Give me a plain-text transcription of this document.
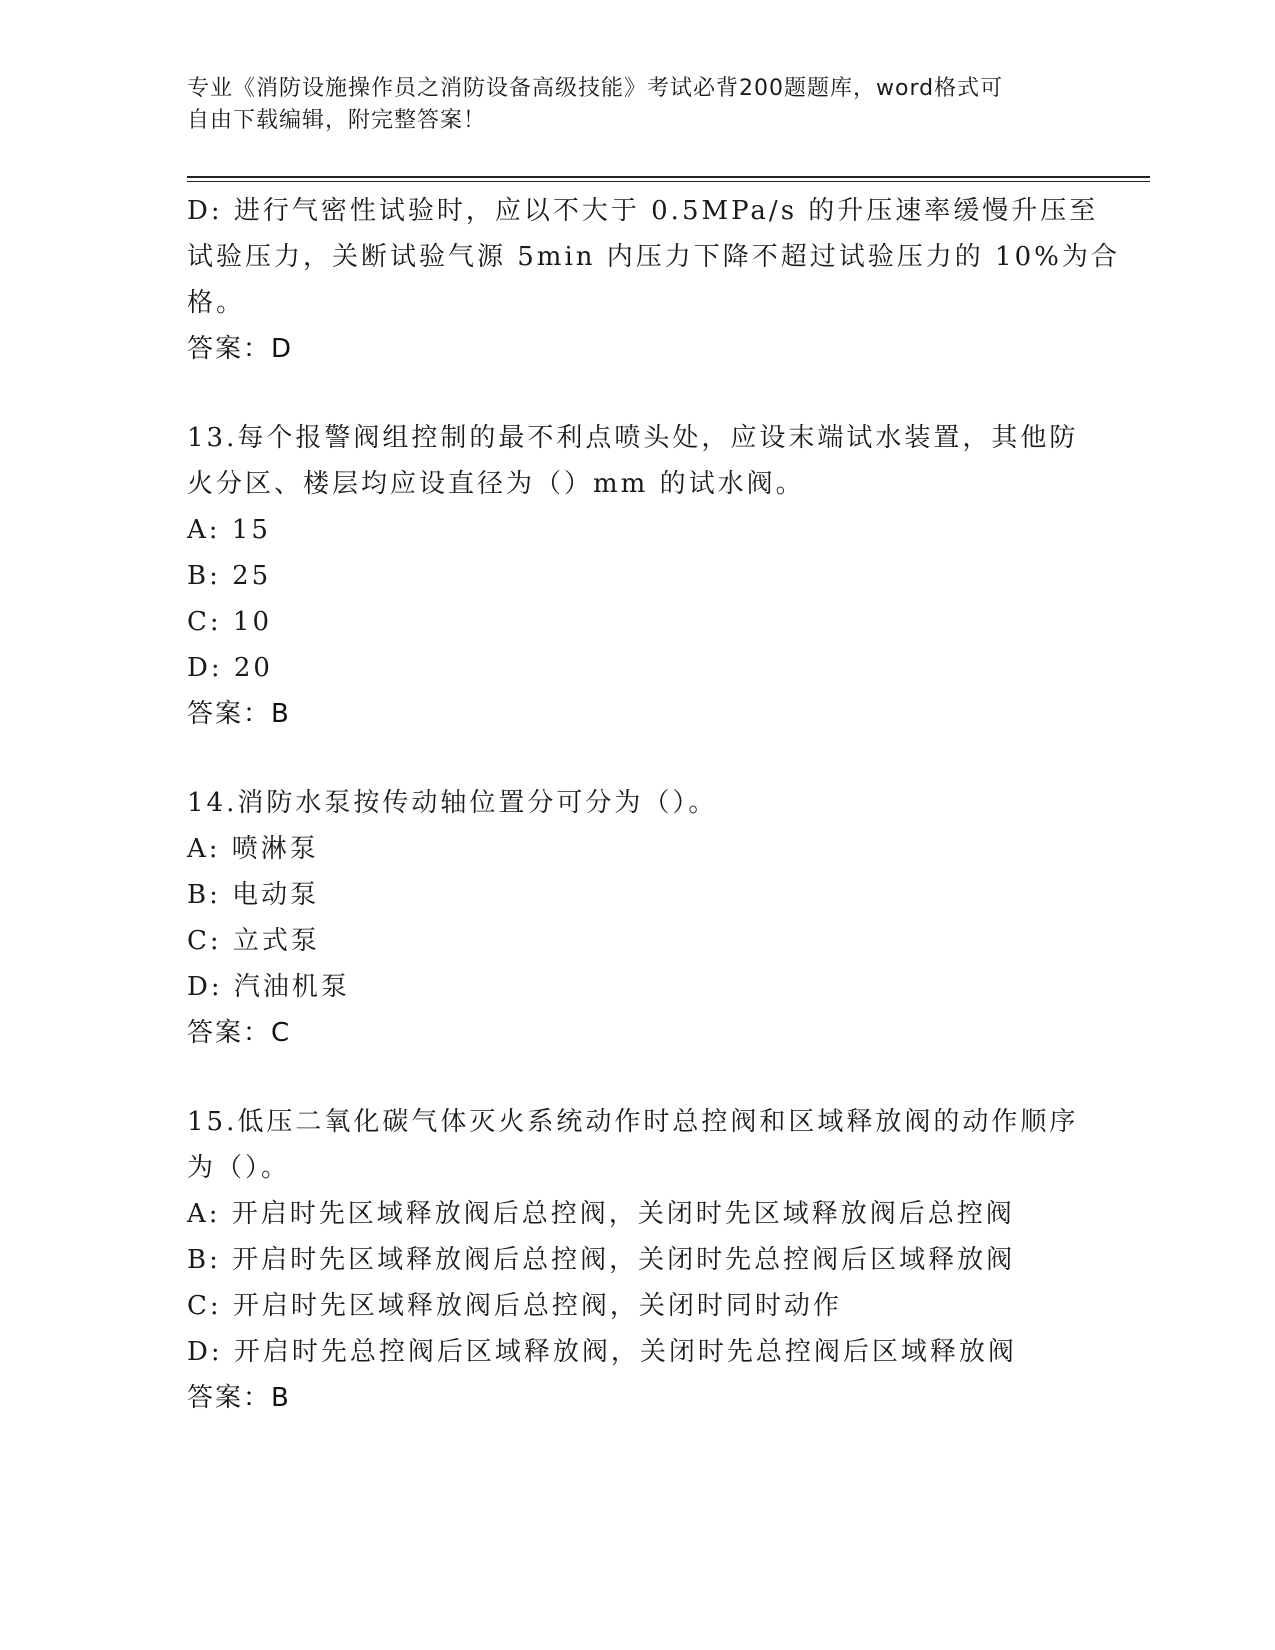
专业《消防设施操作员之消防设备高级技能》考试必背200题题库，word格式可
自由下载编辑，附完整答案！
D: 进行气密性试验时，应以不大于 0.5MPa/s 的升压速率缓慢升压至
试验压力，关断试验气源 5min 内压力下降不超过试验压力的 10%为合
格。
答案：D
13.每个报警阀组控制的最不利点喷头处，应设末端试水装置，其他防
火分区、楼层均应设直径为（）mm 的试水阀。
A: 15
B: 25
C: 10
D: 20
答案：B
14.消防水泵按传动轴位置分可分为（）。
A: 喷淋泵
B: 电动泵
C: 立式泵
D: 汽油机泵
答案：C
15.低压二氧化碳气体灭火系统动作时总控阀和区域释放阀的动作顺序
为（）。
A: 开启时先区域释放阀后总控阀，关闭时先区域释放阀后总控阀
B: 开启时先区域释放阀后总控阀，关闭时先总控阀后区域释放阀
C: 开启时先区域释放阀后总控阀，关闭时同时动作
D: 开启时先总控阀后区域释放阀，关闭时先总控阀后区域释放阀
答案：B
